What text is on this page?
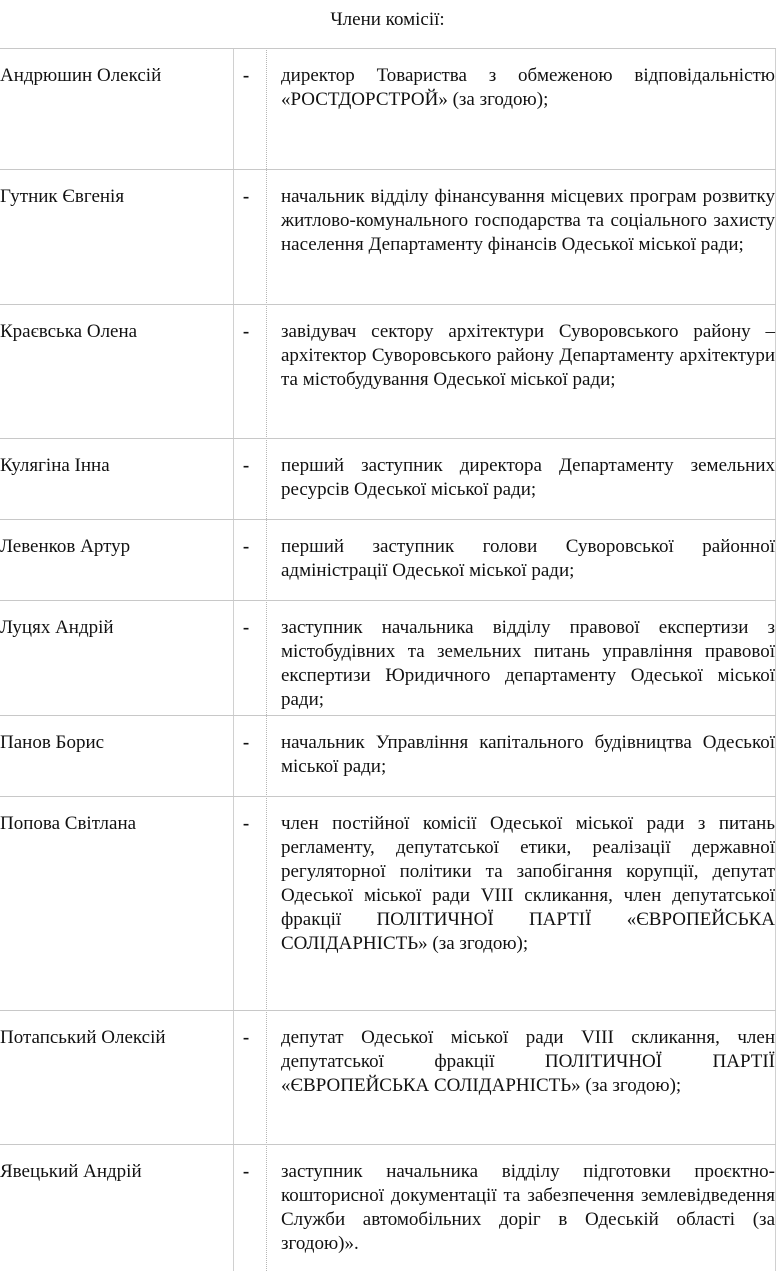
Члени комісії:
Андрюшин Олексій	- директор Товариства з обмеженою відповідальністю «РОСТДОРСТРОЙ» (за згодою);
Гутник Євгенія	- начальник відділу фінансування місцевих програм розвитку житлово-комунального господарства та соціального захисту населення Департаменту фінансів Одеської міської ради;
Краєвська Олена	- завідувач сектору архітектури Суворовського району – архітектор Суворовського району Департаменту архітектури та містобудування Одеської міської ради;
Кулягіна Інна	- перший заступник директора Департаменту земельних ресурсів Одеської міської ради;
Левенков Артур	- перший заступник голови Суворовської районної адміністрації Одеської міської ради;
Луцях Андрій	- заступник начальника відділу правової експертизи з містобудівних та земельних питань управління правової експертизи Юридичного департаменту Одеської міської ради;
Панов Борис	- начальник Управління капітального будівництва Одеської міської ради;
Попова Світлана	- член постійної комісії Одеської міської ради з питань регламенту, депутатської етики, реалізації державної регуляторної політики та запобігання корупції, депутат Одеської міської ради VIII скликання, член депутатської фракції ПОЛІТИЧНОЇ ПАРТІЇ «ЄВРОПЕЙСЬКА СОЛІДАРНІСТЬ» (за згодою);
Потапський Олексій	- депутат Одеської міської ради VIII скликання, член депутатської фракції ПОЛІТИЧНОЇ ПАРТІЇ «ЄВРОПЕЙСЬКА СОЛІДАРНІСТЬ» (за згодою);
Явецький Андрій	- заступник начальника відділу підготовки проєктно-кошторисної документації та забезпечення землевідведення Служби автомобільних доріг в Одеській області (за згодою)».
